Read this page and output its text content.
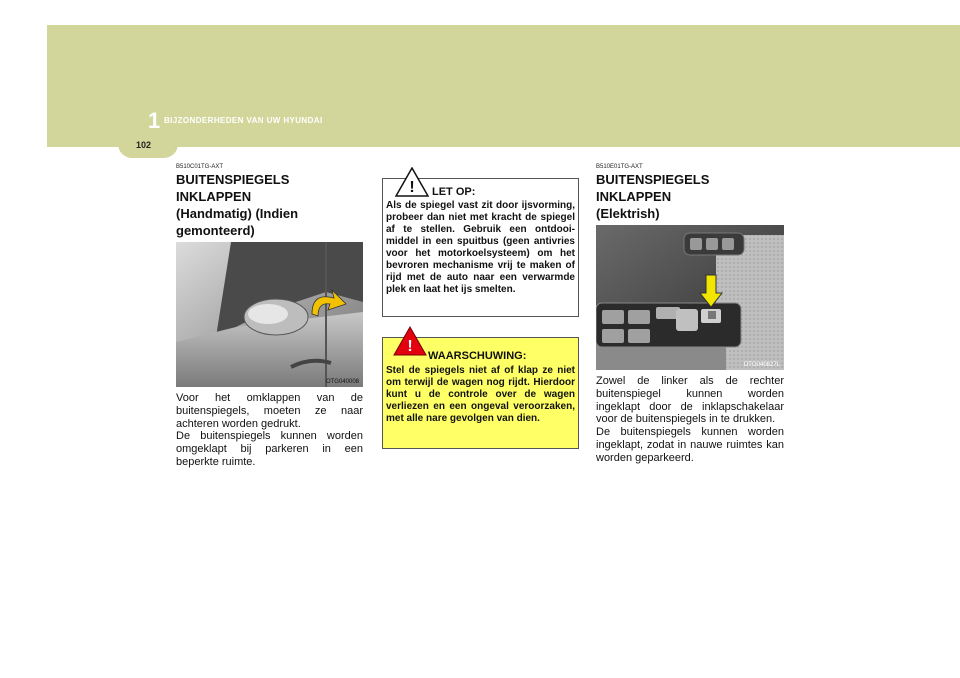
1 BIJZONDERHEDEN VAN UW HYUNDAI
102
B510C01TG-AXT
BUITENSPIEGELS INKLAPPEN
(Handmatig) (Indien gemonteerd)
OTG040008

Voor het omklappen van de buitenspiegels, moeten ze naar achteren worden gedrukt.

De buitenspiegels kunnen worden omgeklapt bij parkeren in een beperkte ruimte.

! LET OP:
Als de spiegel vast zit door ijsvorming, probeer dan niet met kracht de spiegel af te stellen. Gebruik een ontdooi-middel in een spuitbus (geen antivries voor het motorkoelsysteem) om het bevroren mechanisme vrij te maken of rijd met de auto naar een verwarmde plek en laat het ijs smelten.
!
WAARSCHUWING:
Stel de spiegels niet af of klap ze niet om terwijl de wagen nog rijdt. Hierdoor kunt u de controle over de wagen verliezen en een ongeval veroorzaken, met alle nare gevolgen van dien.
B510E01TG-AXT
BUITENSPIEGELS INKLAPPEN
(Elektrish)
OTG040827L

Zowel de linker als de rechter buitenspiegel kunnen worden ingeklapt door de inklapschakelaar voor de buitenspiegels in te drukken.

De buitenspiegels kunnen worden ingeklapt, zodat in nauwe ruimtes kan worden geparkeerd.
